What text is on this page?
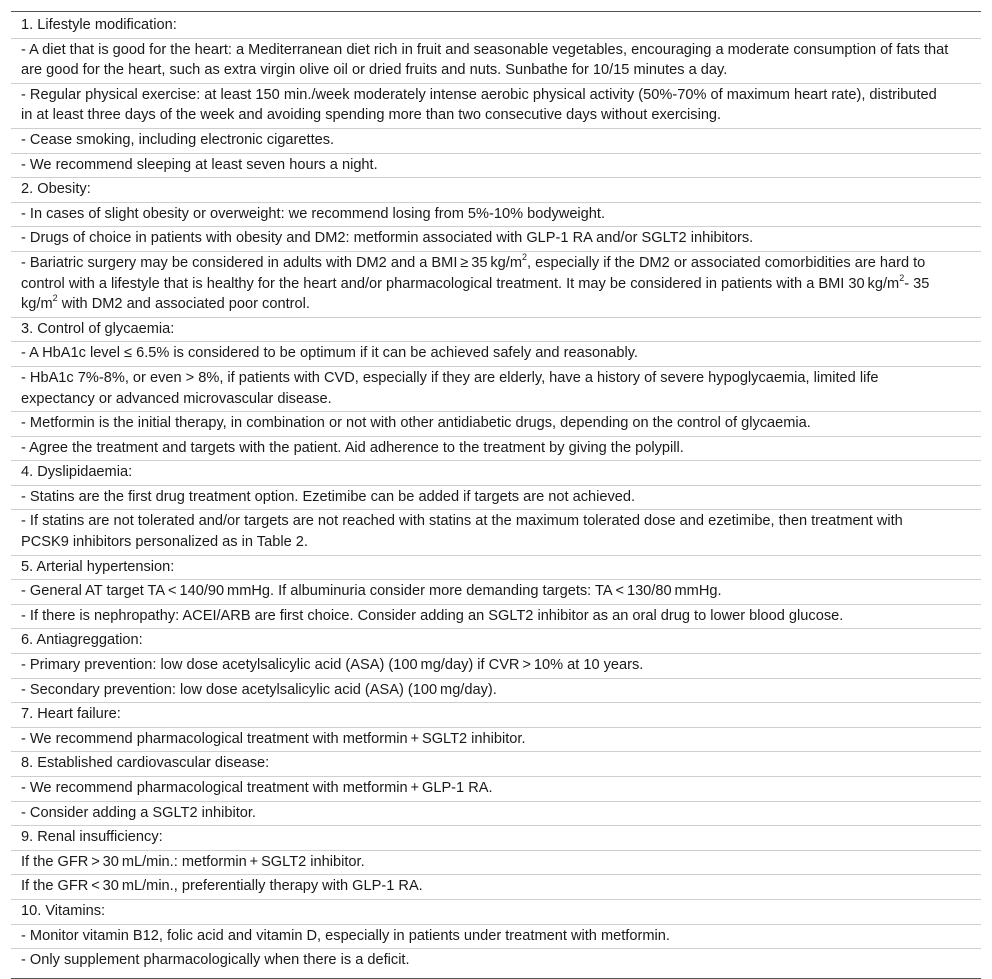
1. Lifestyle modification:
- A diet that is good for the heart: a Mediterranean diet rich in fruit and seasonable vegetables, encouraging a moderate consumption of fats that are good for the heart, such as extra virgin olive oil or dried fruits and nuts. Sunbathe for 10/15 minutes a day.
- Regular physical exercise: at least 150 min./week moderately intense aerobic physical activity (50%-70% of maximum heart rate), distributed in at least three days of the week and avoiding spending more than two consecutive days without exercising.
- Cease smoking, including electronic cigarettes.
- We recommend sleeping at least seven hours a night.
2. Obesity:
- In cases of slight obesity or overweight: we recommend losing from 5%-10% bodyweight.
- Drugs of choice in patients with obesity and DM2: metformin associated with GLP-1 RA and/or SGLT2 inhibitors.
- Bariatric surgery may be considered in adults with DM2 and a BMI ≥ 35 $kg/m^2$, especially if the DM2 or associated comorbidities are hard to control with a lifestyle that is healthy for the heart and/or pharmacological treatment. It may be considered in patients with a BMI 30 $kg/m^2-$ 35 $kg/m^2$ with DM2 and associated poor control.
3. Control of glycaemia:
- A HbA1c level ≤ 6.5% is considered to be optimum if it can be achieved safely and reasonably.
- HbA1c 7%-8%, or even > 8%, if patients with CVD, especially if they are elderly, have a history of severe hypoglycaemia, limited life expectancy or advanced microvascular disease.
- Metformin is the initial therapy, in combination or not with other antidiabetic drugs, depending on the control of glycaemia.
- Agree the treatment and targets with the patient. Aid adherence to the treatment by giving the polypill.
4. Dyslipidaemia:
- Statins are the first drug treatment option. Ezetimibe can be added if targets are not achieved.
- If statins are not tolerated and/or targets are not reached with statins at the maximum tolerated dose and ezetimibe, then treatment with PCSK9 inhibitors personalized as in Table 2.
5. Arterial hypertension:
- General AT target TA < 140/90 mmHg. If albuminuria consider more demanding targets: TA < 130/80 mmHg.
- If there is nephropathy: ACEI/ARB are first choice. Consider adding an SGLT2 inhibitor as an oral drug to lower blood glucose.
6. Antiagreggation:
- Primary prevention: low dose acetylsalicylic acid (ASA) (100 mg/day) if CVR > 10% at 10 years.
- Secondary prevention: low dose acetylsalicylic acid (ASA) (100 mg/day).
7. Heart failure:
- We recommend pharmacological treatment with metformin + SGLT2 inhibitor.
8. Established cardiovascular disease:
- We recommend pharmacological treatment with metformin + GLP-1 RA.
- Consider adding a SGLT2 inhibitor.
9. Renal insufficiency:
If the GFR > 30 mL/min.: metformin + SGLT2 inhibitor.
If the GFR < 30 mL/min., preferentially therapy with GLP-1 RA.
10. Vitamins:
- Monitor vitamin B12, folic acid and vitamin D, especially in patients under treatment with metformin.
- Only supplement pharmacologically when there is a deficit.
